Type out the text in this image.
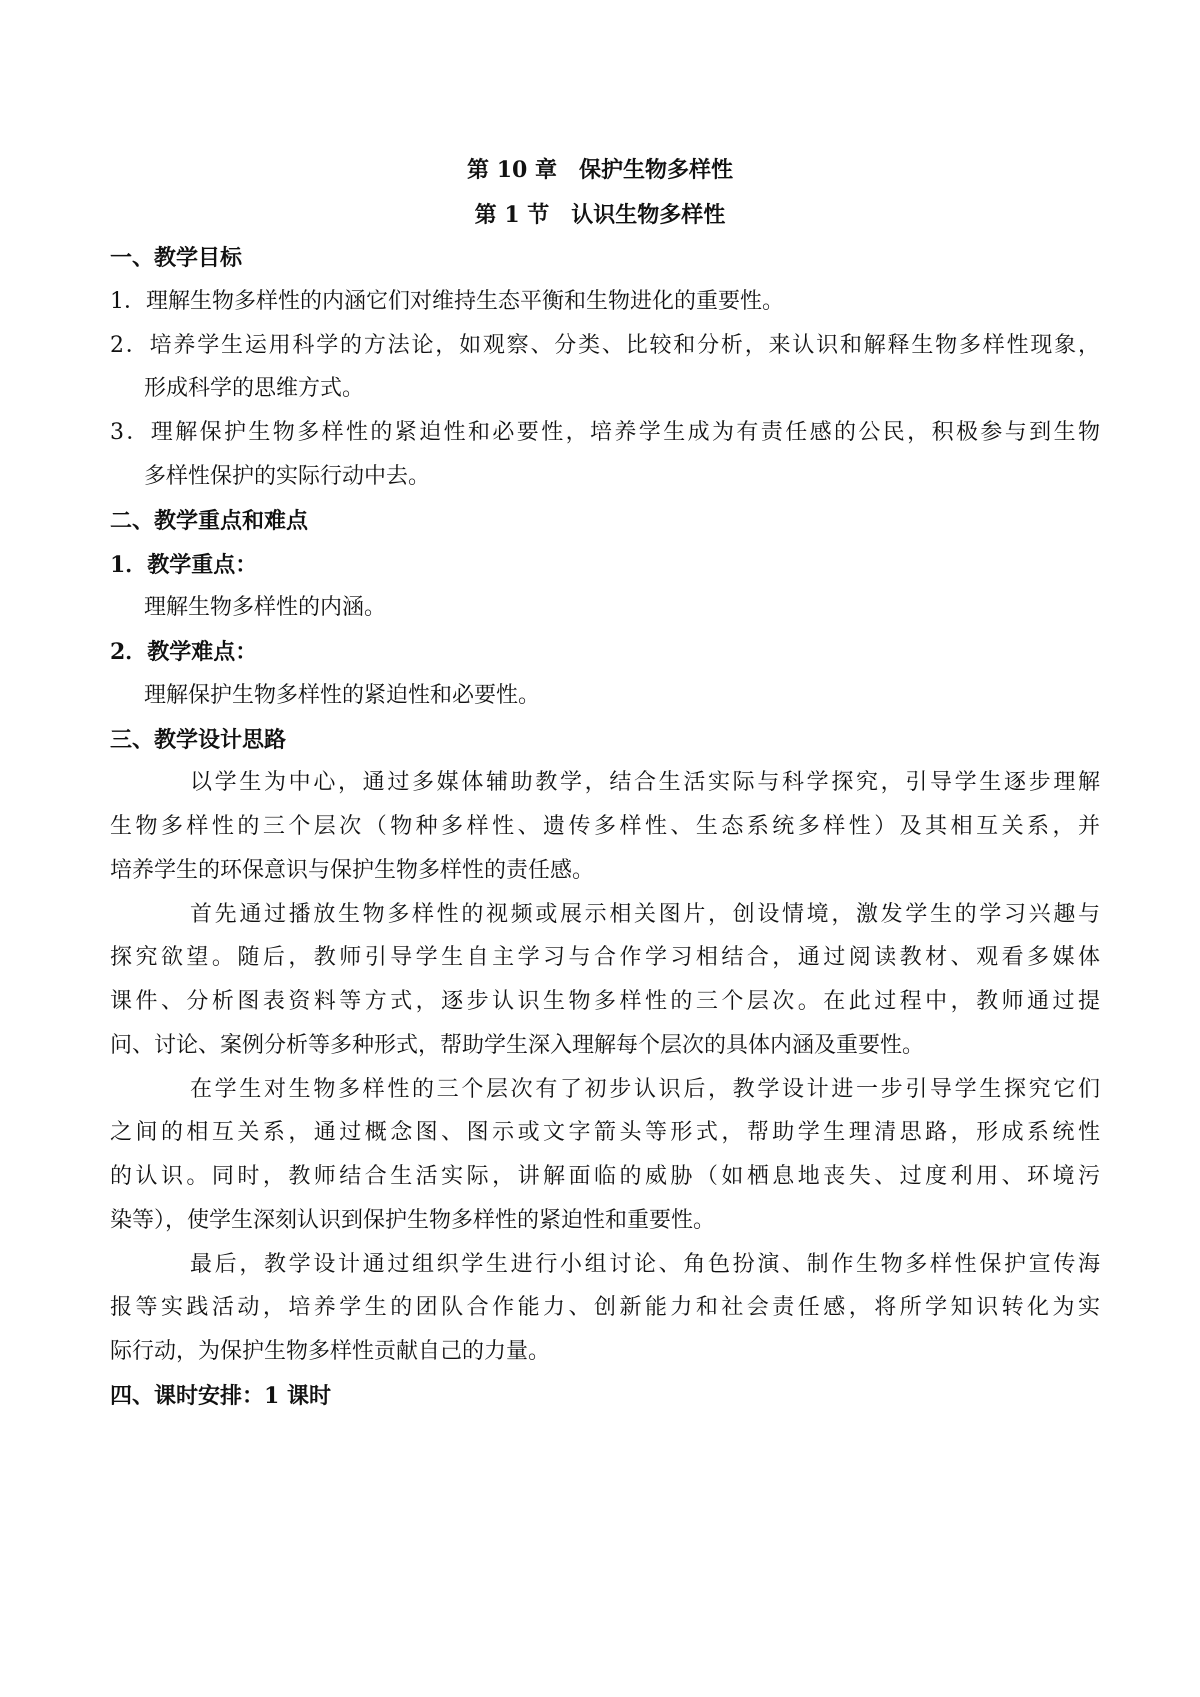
第 10 章　保护生物多样性
第 1 节　认识生物多样性
一、教学目标
1．理解生物多样性的内涵它们对维持生态平衡和生物进化的重要性。
2．培养学生运用科学的方法论，如观察、分类、比较和分析，来认识和解释生物多样性现象，
形成科学的思维方式。
3．理解保护生物多样性的紧迫性和必要性，培养学生成为有责任感的公民，积极参与到生物
多样性保护的实际行动中去。
二、教学重点和难点
1．教学重点：
理解生物多样性的内涵。
2．教学难点：
理解保护生物多样性的紧迫性和必要性。
三、教学设计思路
以学生为中心，通过多媒体辅助教学，结合生活实际与科学探究，引导学生逐步理解
生物多样性的三个层次（物种多样性、遗传多样性、生态系统多样性）及其相互关系，并
培养学生的环保意识与保护生物多样性的责任感。
首先通过播放生物多样性的视频或展示相关图片，创设情境，激发学生的学习兴趣与
探究欲望。随后，教师引导学生自主学习与合作学习相结合，通过阅读教材、观看多媒体
课件、分析图表资料等方式，逐步认识生物多样性的三个层次。在此过程中，教师通过提
问、讨论、案例分析等多种形式，帮助学生深入理解每个层次的具体内涵及重要性。
在学生对生物多样性的三个层次有了初步认识后，教学设计进一步引导学生探究它们
之间的相互关系，通过概念图、图示或文字箭头等形式，帮助学生理清思路，形成系统性
的认识。同时，教师结合生活实际，讲解面临的威胁（如栖息地丧失、过度利用、环境污
染等），使学生深刻认识到保护生物多样性的紧迫性和重要性。
最后，教学设计通过组织学生进行小组讨论、角色扮演、制作生物多样性保护宣传海
报等实践活动，培养学生的团队合作能力、创新能力和社会责任感，将所学知识转化为实
际行动，为保护生物多样性贡献自己的力量。
四、课时安排：1 课时
